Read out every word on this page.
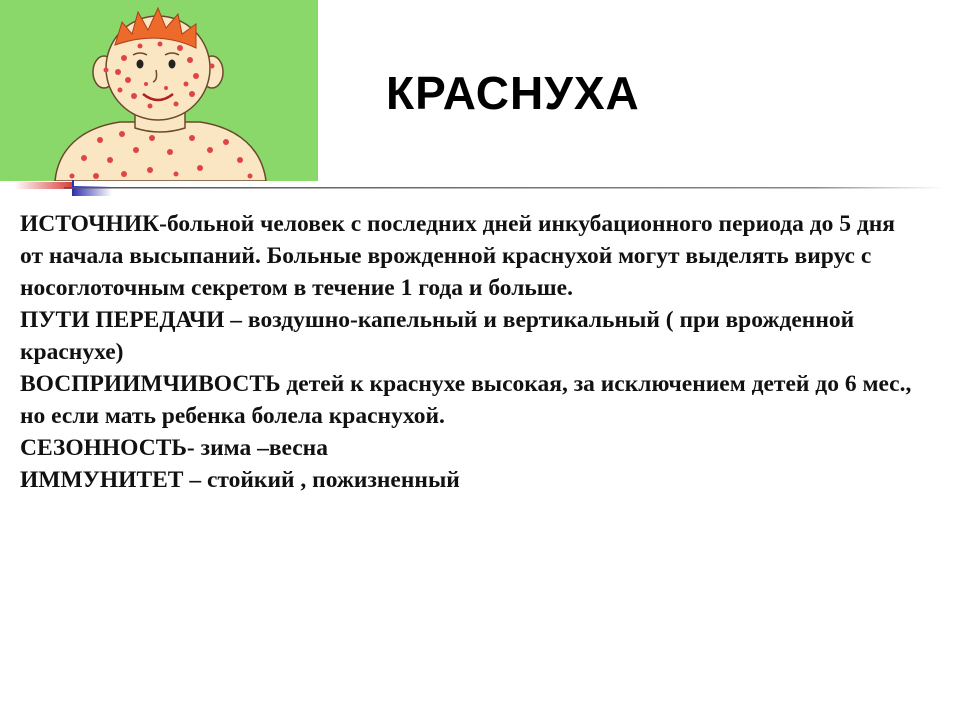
КРАСНУХА

ИСТОЧНИК-больной человек с последних дней инкубационного периода до 5 дня от начала высыпаний. Больные врожденной краснухой могут выделять вирус с носоглоточным секретом в течение 1 года и больше.

ПУТИ ПЕРЕДАЧИ – воздушно-капельный и вертикальный ( при врожденной краснухе)

ВОСПРИИМЧИВОСТЬ детей к краснухе высокая, за исключением детей до 6 мес., но если мать ребенка болела краснухой.

СЕЗОННОСТЬ- зима –весна

ИММУНИТЕТ – стойкий , пожизненный
